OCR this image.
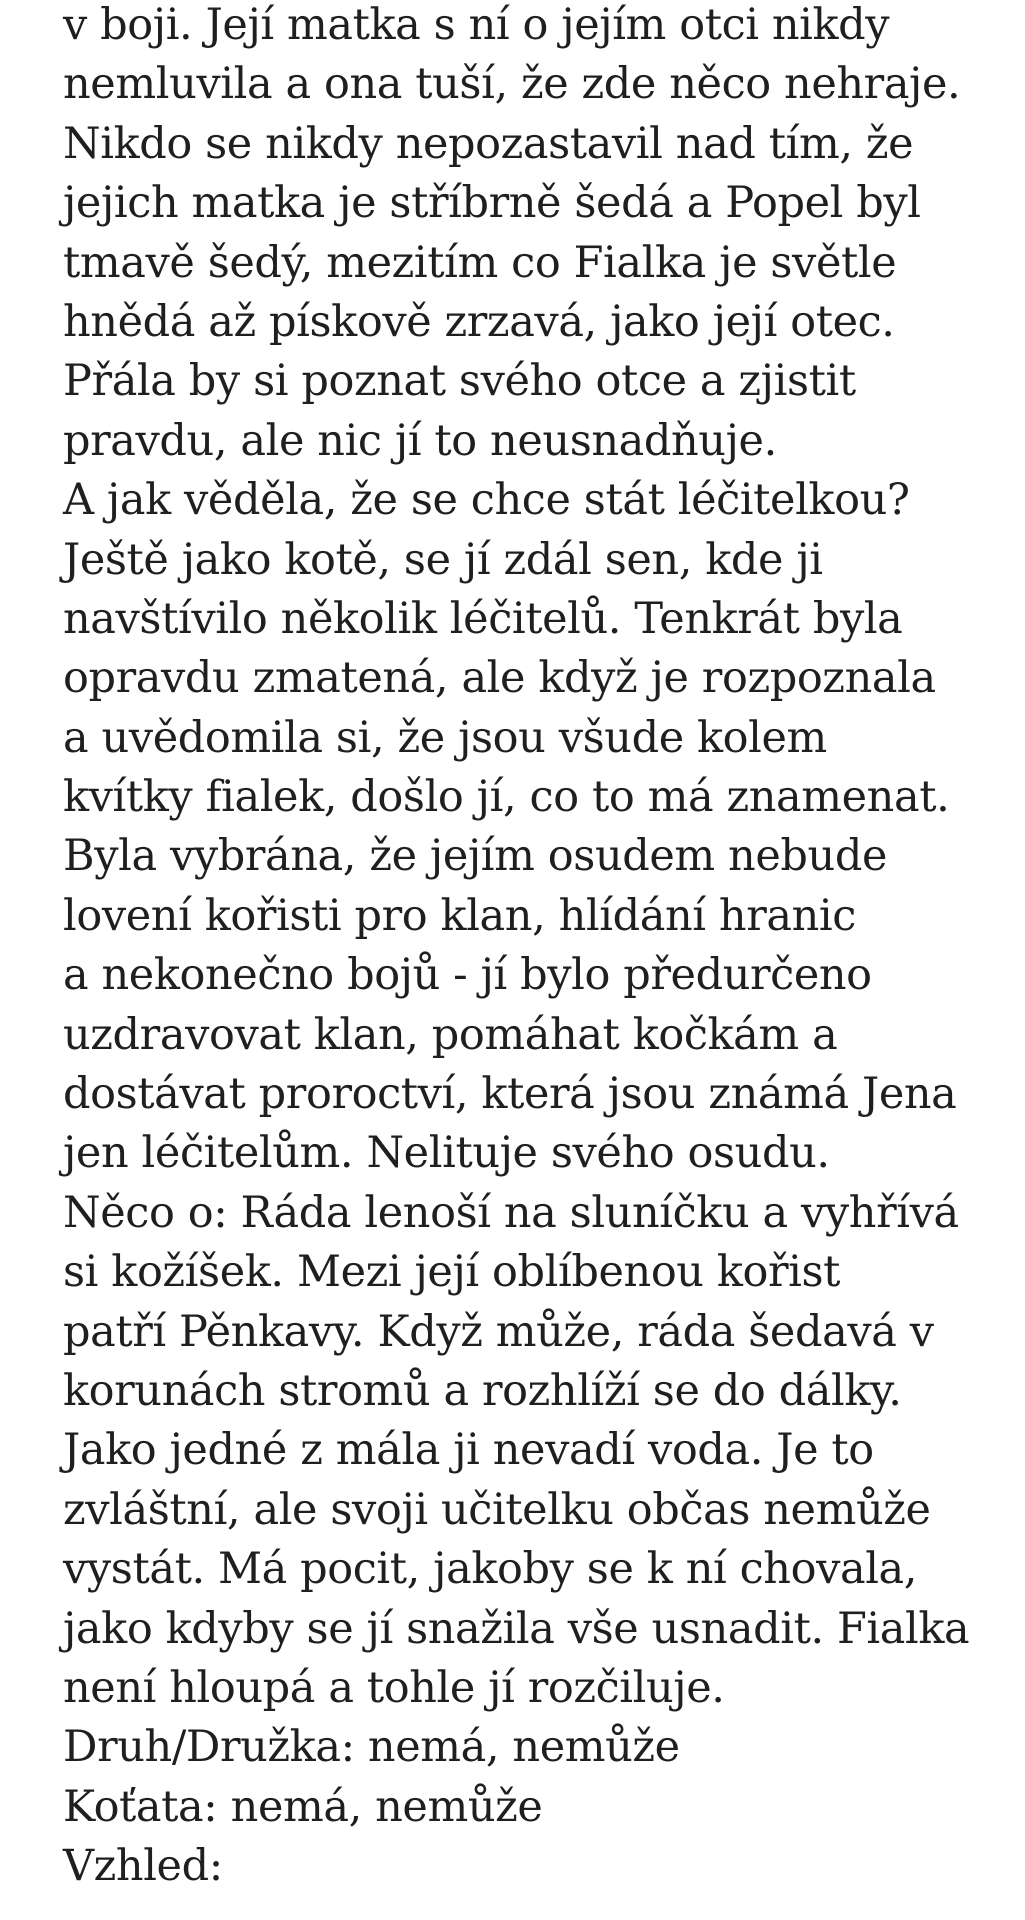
v boji. Její matka s ní o jejím otci nikdy
nemluvila a ona tuší, že zde něco nehraje.
Nikdo se nikdy nepozastavil nad tím, že
jejich matka je stříbrně šedá a Popel byl
tmavě šedý, mezitím co Fialka je světle
hnědá až pískově zrzavá, jako její otec.
Přála by si poznat svého otce a zjistit
pravdu, ale nic jí to neusnadňuje.
A jak věděla, že se chce stát léčitelkou?
Ještě jako kotě, se jí zdál sen, kde ji
navštívilo několik léčitelů. Tenkrát byla
opravdu zmatená, ale když je rozpoznala
a uvědomila si, že jsou všude kolem
kvítky fialek, došlo jí, co to má znamenat.
Byla vybrána, že jejím osudem nebude
lovení kořisti pro klan, hlídání hranic
a nekonečno bojů - jí bylo předurčeno
uzdravovat klan, pomáhat kočkám a
dostávat proroctví, která jsou známá Jena
jen léčitelům. Nelituje svého osudu.
Něco o: Ráda lenoší na sluníčku a vyhřívá
si kožíšek. Mezi její oblíbenou kořist
patří Pěnkavy. Když může, ráda šedavá v
korunách stromů a rozhlíží se do dálky.
Jako jedné z mála ji nevadí voda. Je to
zvláštní, ale svoji učitelku občas nemůže
vystát. Má pocit, jakoby se k ní chovala,
jako kdyby se jí snažila vše usnadit. Fialka
není hloupá a tohle jí rozčiluje.
Druh/Družka: nemá, nemůže
Koťata: nemá, nemůže
Vzhled:
